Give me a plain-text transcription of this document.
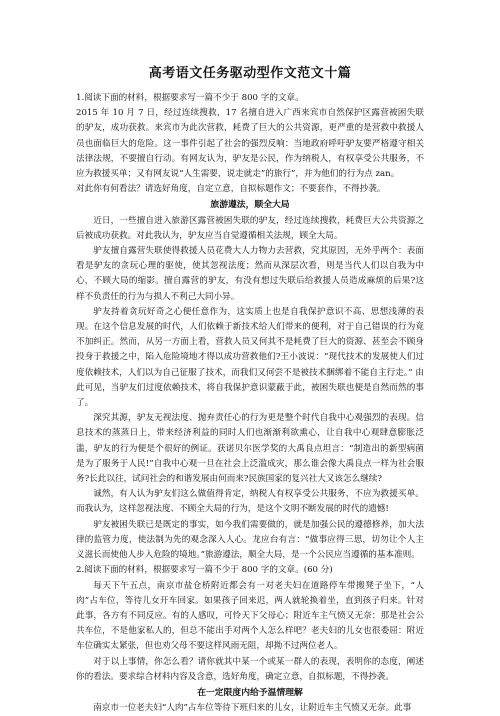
高考语文任务驱动型作文范文十篇

1.阅读下面的材料，根据要求写一篇不少于 800 字的文章。

2015 年 10 月 7 日，经过连续搜救，17 名擅自进入广西来宾市自然保护区露营被困失联的驴友，成功获救。来宾市为此次营救，耗费了巨大的公共资源，更严重的是营救中救援人员也面临巨大的危险。这一事件引起了社会的强烈反响：当地政府呼吁驴友要严格遵守相关法律法规，不要擅自行动。有网友认为，驴友是公民，作为纳税人，有权享受公共服务，不应为救援买单；又有网友说“人生需要，说走就走”的旅行”，并为他们的行为点 zan。

对此你有何看法？请选好角度，自定立意，自拟标题作文；不要套作，不得抄袭。

旅游遵法，顺全大局

近日，一些擅自进入旅游区露营被困失联的驴友，经过连续搜救，耗费巨大公共资源之后被成功获救。对此我认为，驴友应当自觉遵循相关法规，顾全大局。

驴友擅自露营失联使得救援人员花费大人力物力去营救，究其原因，无外乎两个：表面看是驴友的贪玩心理的驱使，使其忽视法度；然而从深层次看，则是当代人们以自我为中心，不顾大局的缩影。擅自露营的驴友，有没有想过失联后给救援人员造成麻烦的后果?这样不负责任的行为与损人不利己大同小异。

驴友持着贪玩好奇之心便任意作为，这实质上也是自我保护意识不高、思想浅薄的表现。在这个信息发展的时代，人们依赖于新技术给人们带来的便利，对于自己错误的行为竟不加纠正。然而，从另一方面上看，营救人员又何其不是耗费了巨大的资源、甚至会不顾身投身于救援之中，陷入危险境地才得以成功营救他们?王小波说：“现代技术的发展使人们过度依赖技术，人们以为自己征服了技术，而我们又何尝不是被技术捆绑着不能自主行走。” 由此可见，当驴友们过度依赖技术，将自我保护意识蒙蔽于此，被困失联也便是自然而然的事了。

深究其源，驴友无视法度、抛弃责任心的行为更是整个时代自我中心观强烈的表现。信息技术的蒸蒸日上，带来经济利益的同时人们也渐渐利欲熏心，让自我中心观肆意膨胀泛滥，驴友的行为便是个很好的例证。获诺贝尔医学奖的大禹良点坦言：“制造出的新型病菌是为了服务于人民!”自我中心观一旦在社会上泛滥成灾，那么谁会像大禹良点一样为社会服务?长此以往，试问社会的和谐发展由何而来?民族国家的复兴社大又该怎么继续?

诚然，有人认为驴友们这么做值得肯定，纳税人有权享受公共服务，不应为救援买单。而我认为，这样忽视法度、不顾全大局的行为，是这个文明不断发展的时代的遗憾!

驴友被困失联已是既定的事实，如今我们需要做的，就是加强公民的遵德修养，加大法律的监管力度，使法制为先的观念深入人心。龙应台有言：“做事应得三思，切勿让个人主义滋长而使他人步入危险的境地。”旅游遵法，顺全大局，是一个公民应当遵循的基本准则。

2.阅读下面的材料，根据要求写一篇不少于 800 字的文章。(60 分)

每天下午五点，南京市盐仓桥附近都会有一对老夫妇在道路停车带搬凳子坐下，“人肉”占车位，等待儿女开车回家。如果孩子回来迟，两人就轮换着坐，直到孩子归来。针对此事，各方有不同反应。有的人感叹，可怜天下父母心；附近车主气愤又无奈：那是社会公共车位，不是他家私人的，但总不能出手对两个人怎么样吧？老夫妇的儿女也很委屈：附近车位确实太紧张，但也劝父母不要这样风雨无阻，却拗不过两位老人。

对于以上事情，你怎么看？请你就其中某一个或某一群人的表现，表明你的态度，阐述你的看法。要求综合材料内容及含意，选好角度，确定立意，自拟标题，不得抄袭。

在一定限度内给予温情理解

南京市一位老夫妇“人肉”占车位等待下班归来的儿女，让附近车主气愤又无奈。此事
